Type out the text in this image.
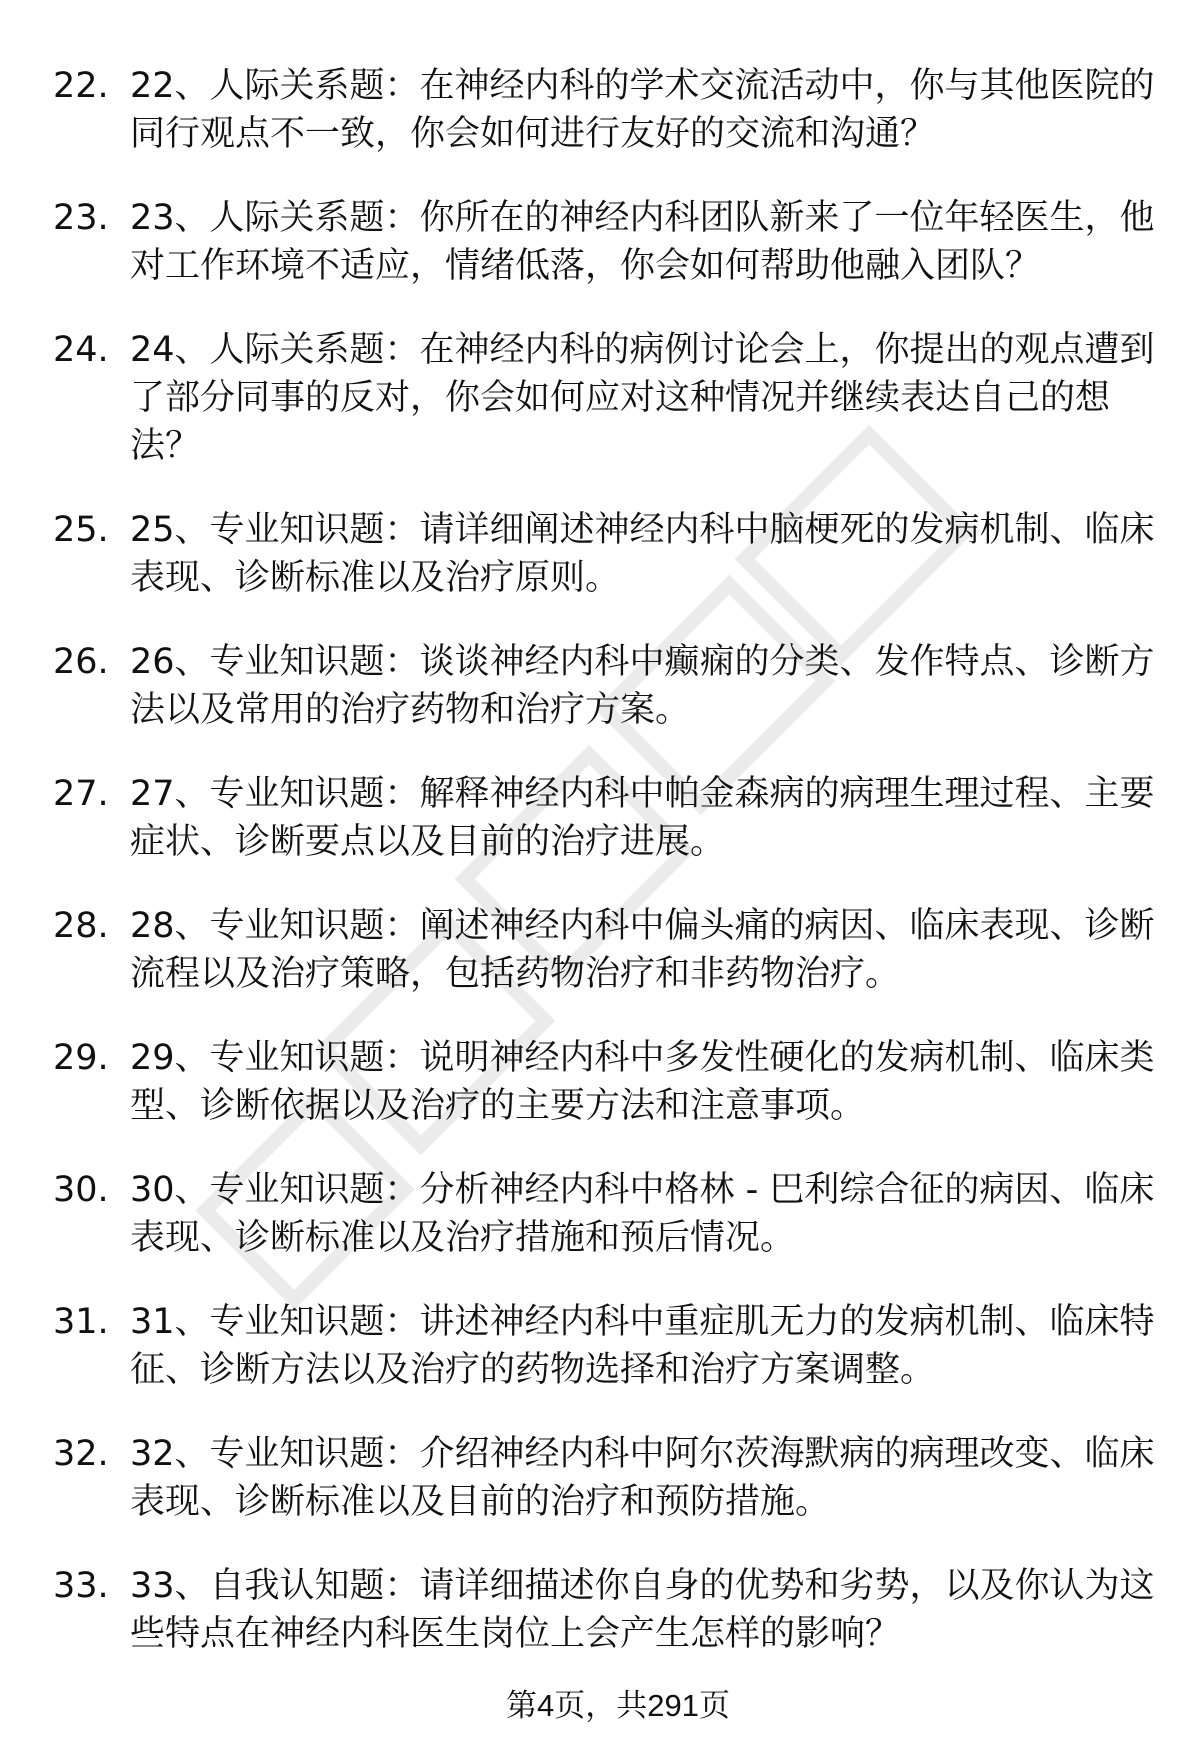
22. 22、人际关系题：在神经内科的学术交流活动中，你与其他医院的同行观点不一致，你会如何进行友好的交流和沟通？
23. 23、人际关系题：你所在的神经内科团队新来了一位年轻医生，他对工作环境不适应，情绪低落，你会如何帮助他融入团队？
24. 24、人际关系题：在神经内科的病例讨论会上，你提出的观点遭到了部分同事的反对，你会如何应对这种情况并继续表达自己的想法？
25. 25、专业知识题：请详细阐述神经内科中脑梗死的发病机制、临床表现、诊断标准以及治疗原则。
26. 26、专业知识题：谈谈神经内科中癫痫的分类、发作特点、诊断方法以及常用的治疗药物和治疗方案。
27. 27、专业知识题：解释神经内科中帕金森病的病理生理过程、主要症状、诊断要点以及目前的治疗进展。
28. 28、专业知识题：阐述神经内科中偏头痛的病因、临床表现、诊断流程以及治疗策略，包括药物治疗和非药物治疗。
29. 29、专业知识题：说明神经内科中多发性硬化的发病机制、临床类型、诊断依据以及治疗的主要方法和注意事项。
30. 30、专业知识题：分析神经内科中格林 - 巴利综合征的病因、临床表现、诊断标准以及治疗措施和预后情况。
31. 31、专业知识题：讲述神经内科中重症肌无力的发病机制、临床特征、诊断方法以及治疗的药物选择和治疗方案调整。
32. 32、专业知识题：介绍神经内科中阿尔茨海默病的病理改变、临床表现、诊断标准以及目前的治疗和预防措施。
33. 33、自我认知题：请详细描述你自身的优势和劣势，以及你认为这些特点在神经内科医生岗位上会产生怎样的影响？
第4页，共291页
